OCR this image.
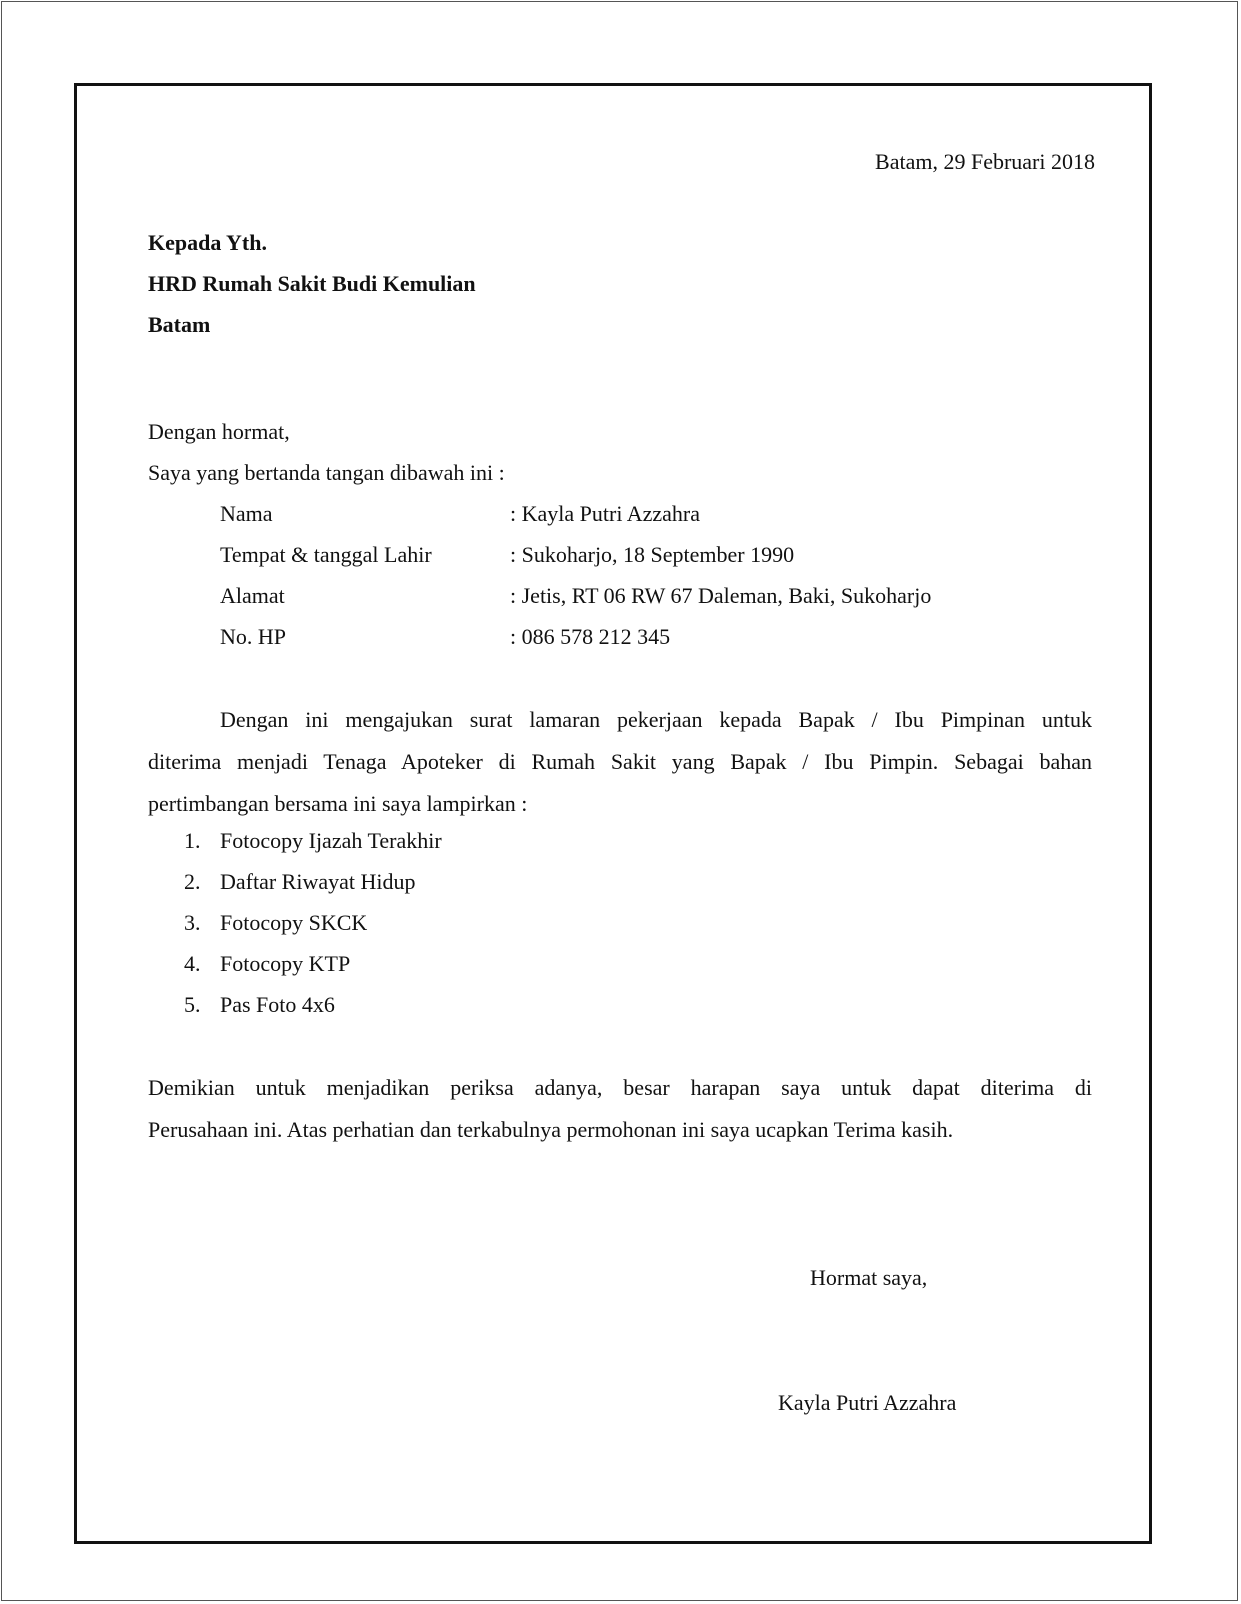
Batam, 29 Februari 2018
Kepada Yth.
HRD Rumah Sakit Budi Kemulian
Batam
Dengan hormat,
Saya yang bertanda tangan dibawah ini :
Nama	: Kayla Putri Azzahra
Tempat & tanggal Lahir	: Sukoharjo, 18 September 1990
Alamat	: Jetis, RT 06 RW 67 Daleman, Baki, Sukoharjo
No. HP	: 086 578 212 345
Dengan ini mengajukan surat lamaran pekerjaan kepada Bapak / Ibu Pimpinan untuk
diterima menjadi Tenaga Apoteker di Rumah Sakit yang Bapak / Ibu Pimpin. Sebagai bahan
pertimbangan bersama ini saya lampirkan :
1. Fotocopy Ijazah Terakhir
2. Daftar Riwayat Hidup
3. Fotocopy SKCK
4. Fotocopy KTP
5. Pas Foto 4x6
Demikian untuk menjadikan periksa adanya, besar harapan saya untuk dapat diterima di
Perusahaan ini. Atas perhatian dan terkabulnya permohonan ini saya ucapkan Terima kasih.
Hormat saya,
Kayla Putri Azzahra
